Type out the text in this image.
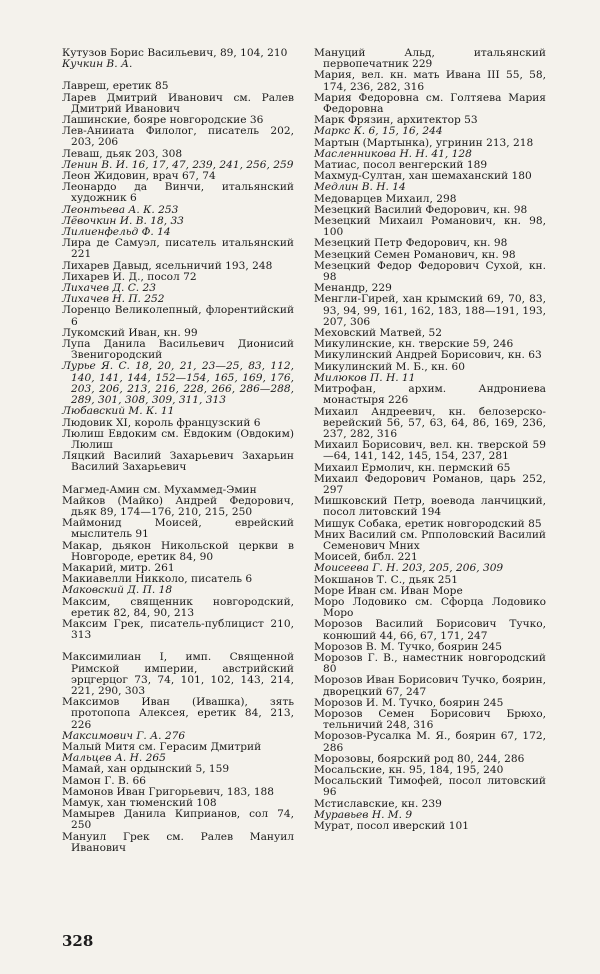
Кутузов Борис Васильевич, 89, 104, 210

Кучкин В. А.

Лавреш, еретик 85

Ларев Дмитрий Иванович см. Ралев Дмитрий Иванович

Лашинские, бояре новгородские 36

Лев-Анииата Филолог, писатель 202, 203, 206

Леваш, дьяк 203, 308

Ленин В. И. 16, 17, 47, 239, 241, 256, 259

Леон Жидовин, врач 67, 74

Леонардо да Винчи, итальянский художник 6

Леонтьева А. К. 253

Лёвочкин И. В. 18, 33

Лилиенфельд Ф. 14

Лира де Самуэл, писатель итальянский 221

Лихарев Давыд, ясельничий 193, 248

Лихарев И. Д., посол 72

Лихачев Д. С. 23

Лихачев Н. П. 252

Лоренцо Великолепный, флорентийский 6

Лукомский Иван, кн. 99

Лупа Данила Васильевич Дионисий Звенигородский

Лурье Я. С. 18, 20, 21, 23—25, 83, 112, 140, 141, 144, 152—154, 165, 169, 176, 203, 206, 213, 216, 228, 266, 286—288, 289, 301, 308, 309, 311, 313

Любавский М. К. 11

Людовик XI, король французский 6

Люлиш Евдоким см. Евдоким (Овдоким) Люлиш

Ляцкий Василий Захарьевич Захарьин Василий Захарьевич

Магмед-Амин см. Мухаммед-Эмин

Майков (Майко) Андрей Федорович, дьяк 89, 174—176, 210, 215, 250

Маймонид Моисей, еврейский мыслитель 91

Макар, дьякон Никольской церкви в Новгороде, еретик 84, 90

Макарий, митр. 261

Макиавелли Никколо, писатель 6

Маковский Д. П. 18

Максим, священник новгородский, еретик 82, 84, 90, 213

Максим Грек, писатель-публицист 210, 313

Максимилиан I, имп. Священной Римской империи, австрийский эрцгерцог 73, 74, 101, 102, 143, 214, 221, 290, 303

Максимов Иван (Ивашка), зять протопопа Алексея, еретик 84, 213, 226

Максимович Г. А. 276

Малый Митя см. Герасим Дмитрий

Мальцев А. Н. 265

Мамай, хан ордынский 5, 159

Мамон Г. В. 66

Мамонов Иван Григорьевич, 183, 188

Мамук, хан тюменский 108

Мамырев Данила Киприанов, сол 74, 250

Мануил Грек см. Ралев Мануил Иванович

Мануций Альд, итальянский первопечатник 229

Мария, вел. кн. мать Ивана III 55, 58, 174, 236, 282, 316

Мария Федоровна см. Голтяева Мария Федоровна

Марк Фрязин, архитектор 53

Маркс К. 6, 15, 16, 244

Мартын (Мартынка), угринин 213, 218

Масленникова Н. Н. 41, 128

Матиас, посол венгерский 189

Махмуд-Султан, хан шемаханский 180

Медлин В. Н. 14

Медоварцев Михаил, 298

Мезецкий Василий Федорович, кн. 98

Мезецкий Михаил Романович, кн. 98, 100

Мезецкий Петр Федорович, кн. 98

Мезецкий Семен Романович, кн. 98

Мезецкий Федор Федорович Сухой, кн. 98

Менандр, 229

Менгли-Гирей, хан крымский 69, 70, 83, 93, 94, 99, 161, 162, 183, 188—191, 193, 207, 306

Меховский Матвей, 52

Микулинские, кн. тверские 59, 246

Микулинский Андрей Борисович, кн. 63

Микулинский М. Б., кн. 60

Милюков П. Н. 11

Митрофан, архим. Андрониева монастыря 226

Михаил Андреевич, кн. белозерско-верейский 56, 57, 63, 64, 86, 169, 236, 237, 282, 316

Михаил Борисович, вел. кн. тверской 59—64, 141, 142, 145, 154, 237, 281

Михаил Ермолич, кн. пермский 65

Михаил Федорович Романов, царь 252, 297

Мишковский Петр, воевода ланчицкий, посол литовский 194

Мишук Собака, еретик новгородский 85

Мних Василий см. Рпполовский Василий Семенович Мних

Моисей, библ. 221

Моисеева Г. Н. 203, 205, 206, 309

Мокшанов Т. С., дьяк 251

Море Иван см. Иван Море

Моро Лодовико см. Сфорца Лодовико Моро

Морозов Василий Борисович Тучко, конюший 44, 66, 67, 171, 247

Морозов В. М. Тучко, боярин 245

Морозов Г. В., наместник новгородский 80

Морозов Иван Борисович Тучко, боярин, дворецкий 67, 247

Морозов И. М. Тучко, боярин 245

Морозов Семен Борисович Брюхо, тельничий 248, 316

Морозов-Русалка М. Я., боярин 67, 172, 286

Морозовы, боярский род 80, 244, 286

Мосальские, кн. 95, 184, 195, 240

Мосальский Тимофей, посол литовский 96

Мстиславские, кн. 239

Муравьев Н. М. 9

Мурат, посол иверский 101

328
